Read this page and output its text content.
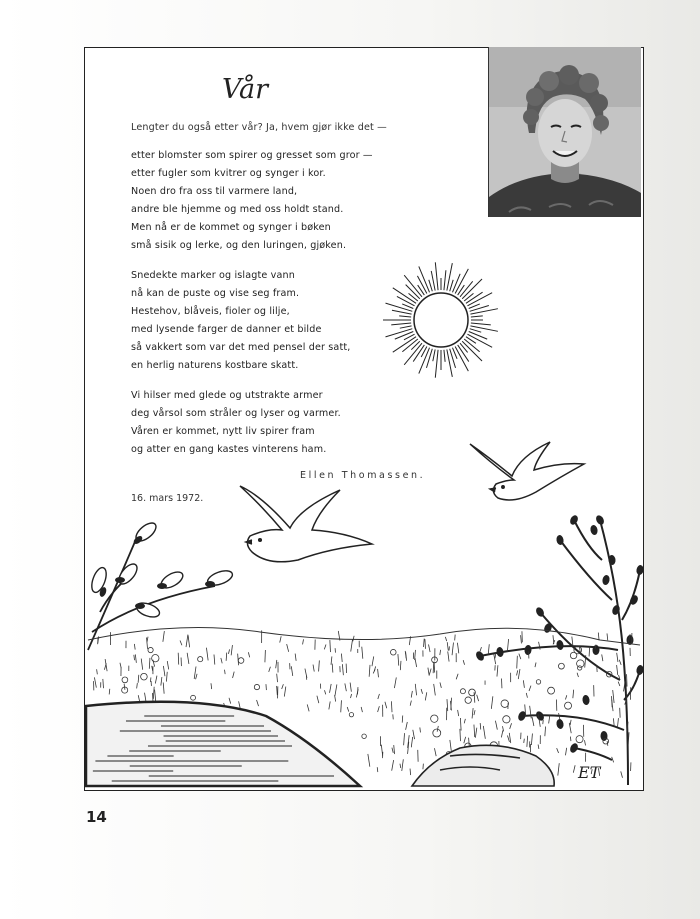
Vår
Lengter du også etter vår? Ja, hvem gjør ikke det —
etter blomster som spirer og gresset som gror —
etter fugler som kvitrer og synger i kor.
Noen dro fra oss til varmere land,
andre ble hjemme og med oss holdt stand.
Men nå er de kommet og synger i bøken
små sisik og lerke, og den luringen, gjøken.
Snedekte marker og islagte vann
nå kan de puste og vise seg fram.
Hestehov, blåveis, fioler og lilje,
med lysende farger de danner et bilde
så vakkert som var det med pensel der satt,
en herlig naturens kostbare skatt.
Vi hilser med glede og utstrakte armer
deg vårsol som stråler og lyser og varmer.
Våren er kommet, nytt liv spirer fram
og atter en gang kastes vinterens ham.
Ellen Thomassen.
16. mars 1972.
ET
14
